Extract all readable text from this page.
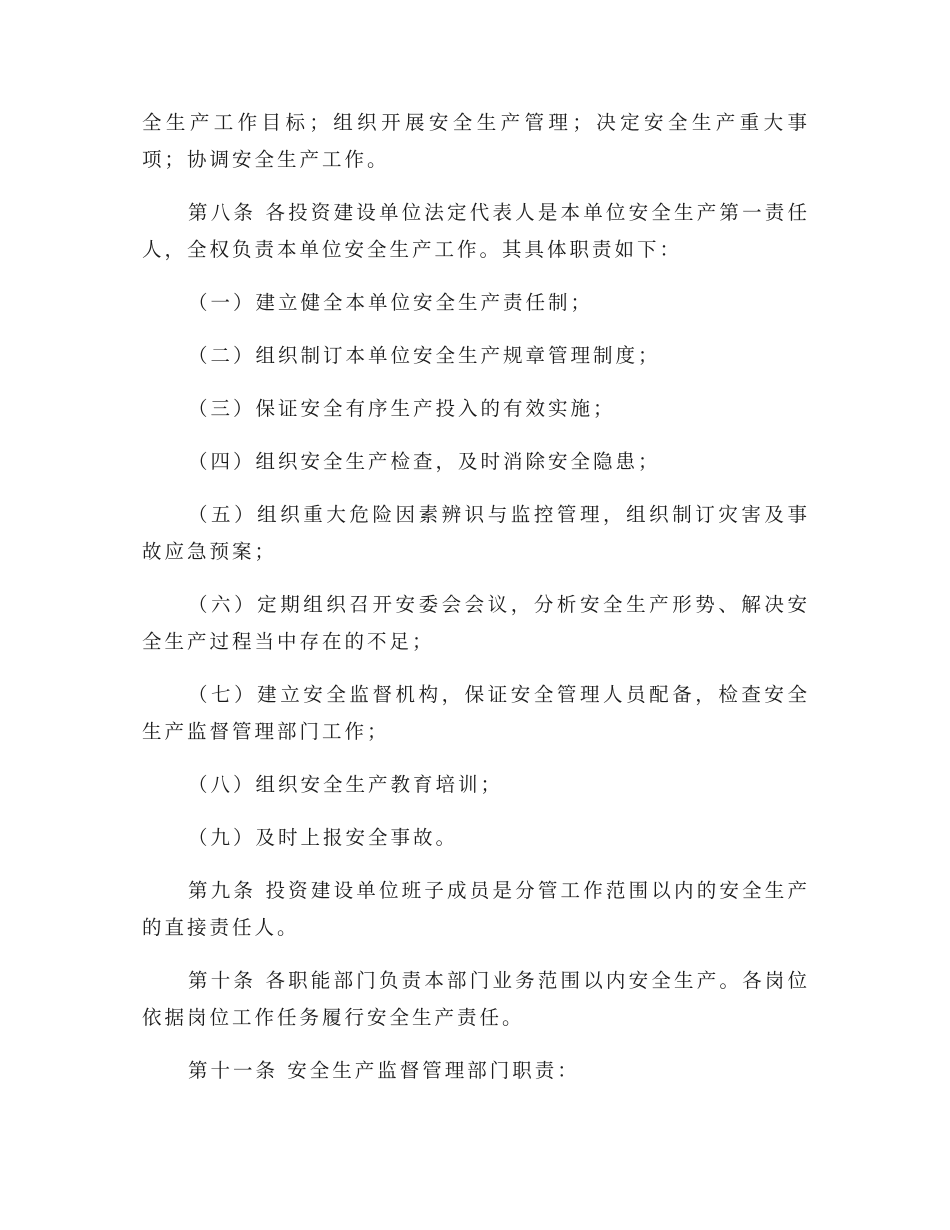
全生产工作目标；组织开展安全生产管理；决定安全生产重大事项；协调安全生产工作。

第八条 各投资建设单位法定代表人是本单位安全生产第一责任人，全权负责本单位安全生产工作。其具体职责如下：

（一）建立健全本单位安全生产责任制；

（二）组织制订本单位安全生产规章管理制度；

（三）保证安全有序生产投入的有效实施；

（四）组织安全生产检查，及时消除安全隐患；

（五）组织重大危险因素辨识与监控管理，组织制订灾害及事故应急预案；

（六）定期组织召开安委会会议，分析安全生产形势、解决安全生产过程当中存在的不足；

（七）建立安全监督机构，保证安全管理人员配备，检查安全生产监督管理部门工作；

（八）组织安全生产教育培训；

（九）及时上报安全事故。

第九条 投资建设单位班子成员是分管工作范围以内的安全生产的直接责任人。

第十条 各职能部门负责本部门业务范围以内安全生产。各岗位依据岗位工作任务履行安全生产责任。

第十一条 安全生产监督管理部门职责：
